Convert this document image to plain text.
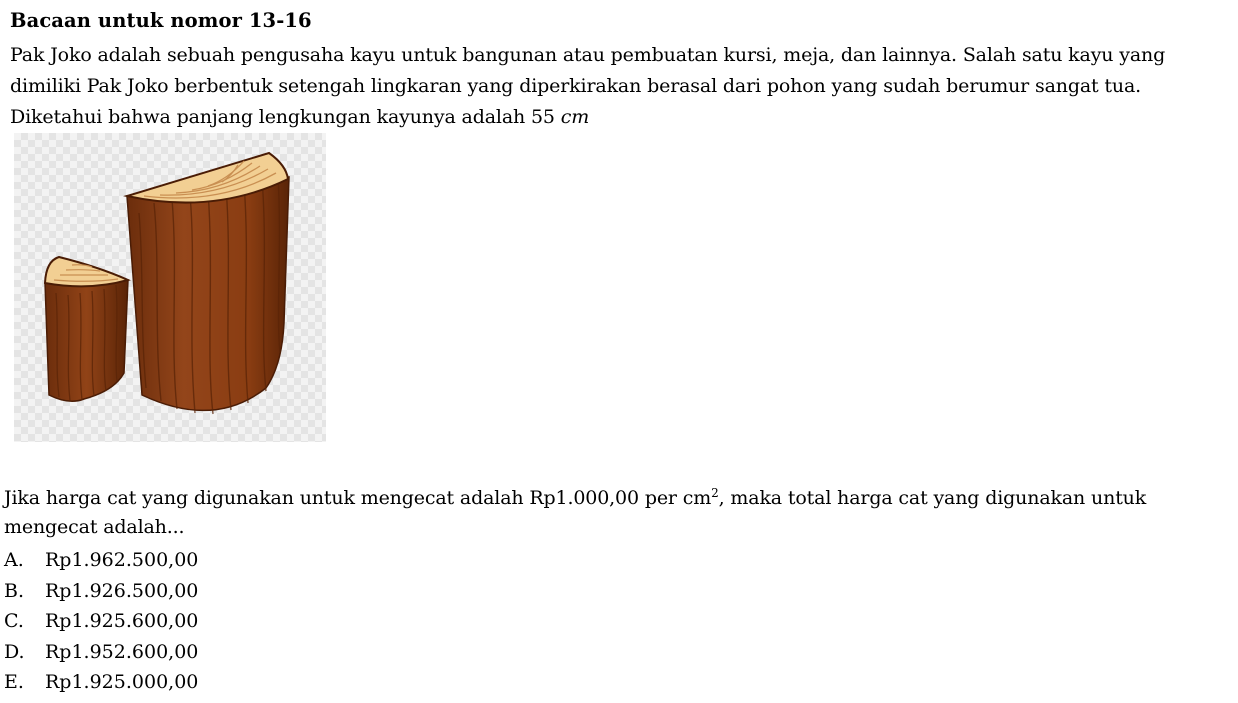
Bacaan untuk nomor 13-16
Pak Joko adalah sebuah pengusaha kayu untuk bangunan atau pembuatan kursi, meja, dan lainnya. Salah satu kayu yang
dimiliki Pak Joko berbentuk setengah lingkaran yang diperkirakan berasal dari pohon yang sudah berumur sangat tua.
Diketahui bahwa panjang lengkungan kayunya adalah 55 cm
Jika harga cat yang digunakan untuk mengecat adalah Rp1.000,00 per $cm^2$, maka total harga cat yang digunakan untuk
mengecat adalah...
A. Rp1.962.500,00
B. Rp1.926.500,00
C. Rp1.925.600,00
D. Rp1.952.600,00
E. Rp1.925.000,00
